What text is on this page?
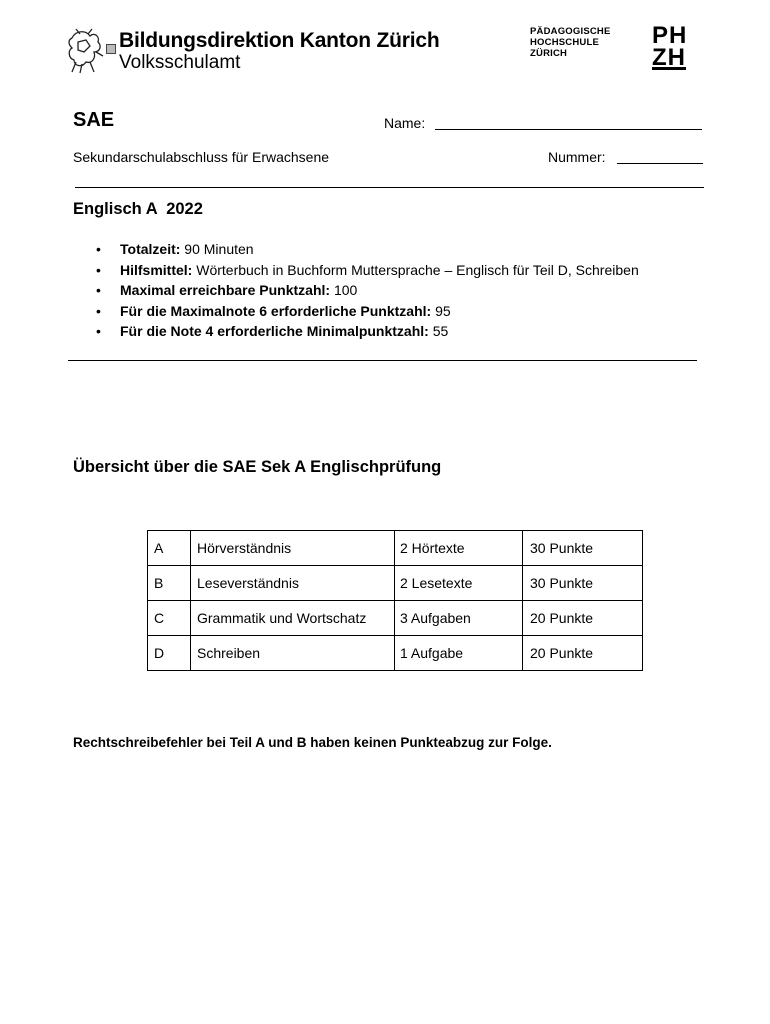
Bildungsdirektion Kanton Zürich
Volksschulamt
PÄDAGOGISCHE
HOCHSCHULE
ZÜRICH
PH
ZH
SAE	Name:
Sekundarschulabschluss für Erwachsene	Nummer:
Englisch A  2022
• Totalzeit: 90 Minuten
• Hilfsmittel: Wörterbuch in Buchform Muttersprache – Englisch für Teil D, Schreiben
• Maximal erreichbare Punktzahl: 100
• Für die Maximalnote 6 erforderliche Punktzahl: 95
• Für die Note 4 erforderliche Minimalpunktzahl: 55
Übersicht über die SAE Sek A Englischprüfung
A	Hörverständnis	2 Hörtexte	30 Punkte
B	Leseverständnis	2 Lesetexte	30 Punkte
C	Grammatik und Wortschatz	3 Aufgaben	20 Punkte
D	Schreiben	1 Aufgabe	20 Punkte
Rechtschreibefehler bei Teil A und B haben keinen Punkteabzug zur Folge.
